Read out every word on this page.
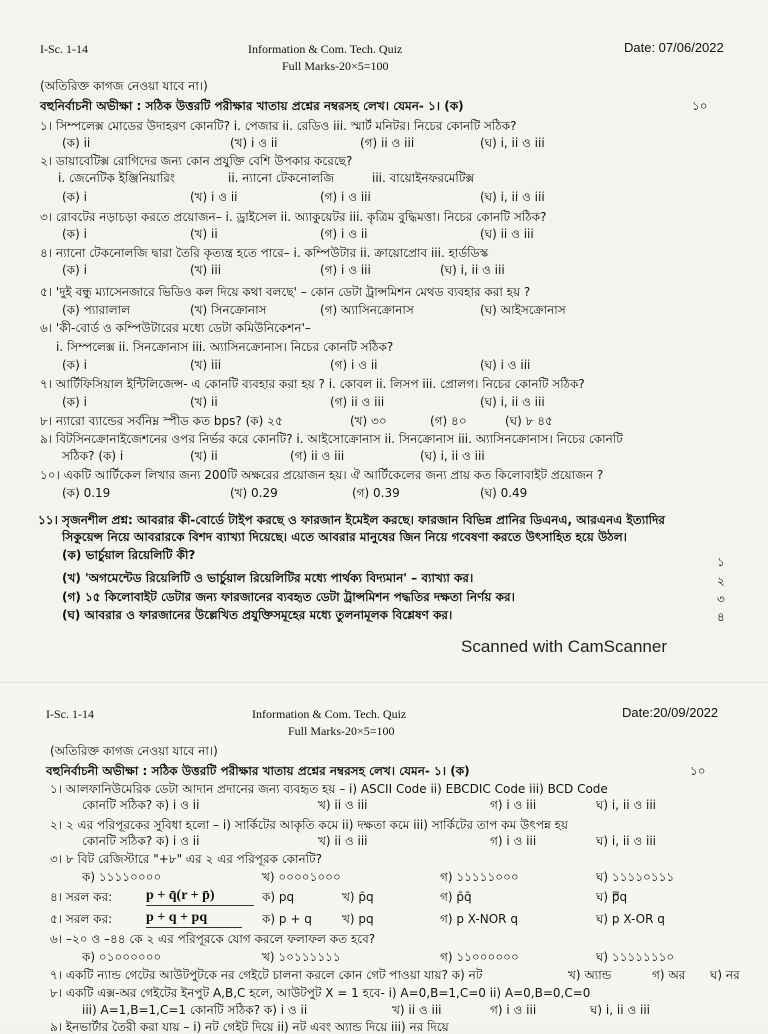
I-Sc. 1-14	Information & Com. Tech. Quiz	Date: 07/06/2022
Full Marks-20×5=100
(অতিরিক্ত কাগজ নেওয়া যাবে না।)
বহুনির্বাচনী অভীক্ষা : সঠিক উত্তরটি পরীক্ষার খাতায় প্রশ্নের নম্বরসহ লেখ। যেমন- ১। (ক)	১০
১। সিম্পলেক্স মোডের উদাহরণ কোনটি? i. পেজার ii. রেডিও iii. স্মার্ট মনিটর। নিচের কোনটি সঠিক?
(ক) ii	(খ) i ও ii	(গ) ii ও iii	(ঘ) i, ii ও iii
২। ডায়াবেটিক্স রোগিদের জন্য কোন প্রযুক্তি বেশি উপকার করেছে?
i. জেনেটিক ইঞ্জিনিয়ারিং	ii. ন্যানো টেকনোলজি	iii. বায়োইনফরমেটিক্স
(ক) i	(খ) i ও ii	(গ) i ও iii	(ঘ) i, ii ও iii
৩। রোবটের নড়াচড়া করতে প্রয়োজন– i. ড্রাইসেল ii. অ্যাকুয়েটর iii. কৃত্রিম বুদ্ধিমত্তা। নিচের কোনটি সঠিক?
(ক) i	(খ) ii	(গ) i ও ii	(ঘ) ii ও iii
৪। ন্যানো টেকনোলজি দ্বারা তৈরি কৃত্যন্ত্র হতে পারে– i. কম্পিউটার ii. ক্রায়োপ্রোব iii. হার্ডডিস্ক
(ক) i	(খ) iii	(গ) i ও iii	(ঘ) i, ii ও iii
৫। 'দুই বন্ধু ম্যাসেনজারে ভিডিও কল দিয়ে কথা বলছে' – কোন ডেটা ট্রান্সমিশন মেথড ব্যবহার করা হয় ?
(ক) প্যারালাল	(খ) সিনক্রোনাস	(গ) অ্যাসিনক্রোনাস	(ঘ) আইসক্রোনাস
৬। 'কী-বোর্ড ও কম্পিউটারের মধ্যে ডেটা কমিউনিকেশন'–
i. সিম্পলেক্স ii. সিনক্রোনাস iii. অ্যাসিনক্রোনাস। নিচের কোনটি সঠিক?
(ক) i	(খ) iii	(গ) i ও ii	(ঘ) i ও iii
৭। আর্টিফিসিয়াল ইন্টিলিজেন্স- এ কোনটি ব্যবহার করা হয় ? i. কোবল ii. লিসপ iii. প্রোলগ। নিচের কোনটি সঠিক?
(ক) i	(খ) ii	(গ) ii ও iii	(ঘ) i, ii ও iii
৮। ন্যারো ব্যান্ডের সর্বনিম্ন স্পীড কত bps? (ক) ২৫	(খ) ৩০	(গ) ৪০	(ঘ) ৮ ৪৫
৯। বিটসিনক্রোনাইজেশনের ওপর নির্ভর করে কোনটি? i. আইসোক্রোনাস ii. সিনক্রোনাস iii. অ্যাসিনক্রোনাস। নিচের কোনটি
সঠিক? (ক) i	(খ) ii	(গ) ii ও iii	(ঘ) i, ii ও iii
১০। একটি আর্টিকেল লিখার জন্য 200টি অক্ষরের প্রয়োজন হয়। ঐ আর্টিকেলের জন্য প্রায় কত কিলোবাইট প্রয়োজন ?
(ক) 0.19	(খ) 0.29	(গ) 0.39	(ঘ) 0.49
১১। সৃজনশীল প্রশ্ন: আবরার কী-বোর্ডে টাইপ করছে ও ফারজান ইমেইল করছে। ফারজান বিভিন্ন প্রানির ডিএনএ, আরএনএ ইত্যাদির
সিকুয়েন্স নিয়ে আবরারকে বিশদ ব্যাখ্যা দিয়েছে। এতে আবরার মানুষের জিন নিয়ে গবেষণা করতে উৎসাহিত হয়ে উঠল।
(ক) ভার্চুয়াল রিয়েলিটি কী?
(খ) 'অগমেন্টেড রিয়েলিটি ও ভার্চুয়াল রিয়েলিটির মধ্যে পার্থক্য বিদ্যমান' – ব্যাখ্যা কর।
(গ) ১৫ কিলোবাইট ডেটার জন্য ফারজানের ব্যবহৃত ডেটা ট্রান্সমিশন পদ্ধতির দক্ষতা নির্ণয় কর।
(ঘ) আবরার ও ফারজানের উল্লেখিত প্রযুক্তিসমূহের মধ্যে তুলনামূলক বিশ্লেষণ কর।
১
২
৩
৪
Scanned with CamScanner
I-Sc. 1-14	Information & Com. Tech. Quiz	Date:20/09/2022
Full Marks-20×5=100
(অতিরিক্ত কাগজ নেওয়া যাবে না।)
বহুনির্বাচনী অভীক্ষা : সঠিক উত্তরটি পরীক্ষার খাতায় প্রশ্নের নম্বরসহ লেখ। যেমন- ১। (ক)	১০
১। আলফানিউমেরিক ডেটা আদান প্রদানের জন্য ব্যবহৃত হয় – i) ASCII Code ii) EBCDIC Code iii) BCD Code
কোনটি সঠিক? ক) i ও ii	খ) ii ও iii	গ) i ও iii	ঘ) i, ii ও iii
২। ২ এর পরিপূরকের সুবিধা হলো – i) সার্কিটের আকৃতি কমে ii) দক্ষতা কমে iii) সার্কিটের তাপ কম উৎপন্ন হয়
কোনটি সঠিক? ক) i ও ii	খ) ii ও iii	গ) i ও iii	ঘ) i, ii ও iii
৩। ৮ বিট রেজিস্টারে "+৮" এর ২ এর পরিপূরক কোনটি?
ক) ১১১১০০০০	খ) ০০০০১০০০	গ) ১১১১১০০০	ঘ) ১১১১০১১১
৪। সরল কর: p + q̄(r + p̄)	ক) pq	খ) p̄q	গ) p̄q̄	ঘ) p̿q
৫। সরল কর: p + q + pq	ক) p + q	খ) pq	গ) p X-NOR q	ঘ) p X-OR q
৬। –২০ ও –৪৪ কে ২ এর পরিপূরকে যোগ করলে ফলাফল কত হবে?
ক) ০১০০০০০০	খ) ১০১১১১১১	গ) ১১০০০০০০	ঘ) ১১১১১১১০
৭। একটি ন্যান্ড গেটের আউটপুটকে নর গেইটে চালনা করলে কোন গেট পাওয়া যায়? ক) নট	খ) অ্যান্ড	গ) অর ঘ) নর
৮। একটি এক্স-অর গেইটের ইনপুট A,B,C হলে, আউটপুট X = 1 হবে- i) A=0,B=1,C=0 ii) A=0,B=0,C=0
iii) A=1,B=1,C=1 কোনটি সঠিক? ক) i ও ii	খ) ii ও iii	গ) i ও iii	ঘ) i, ii ও iii
৯। ইনভার্টার তৈরী করা যায় – i) নট গেইট দিয়ে ii) নট এবং অ্যান্ড দিয়ে iii) নর দিয়ে
